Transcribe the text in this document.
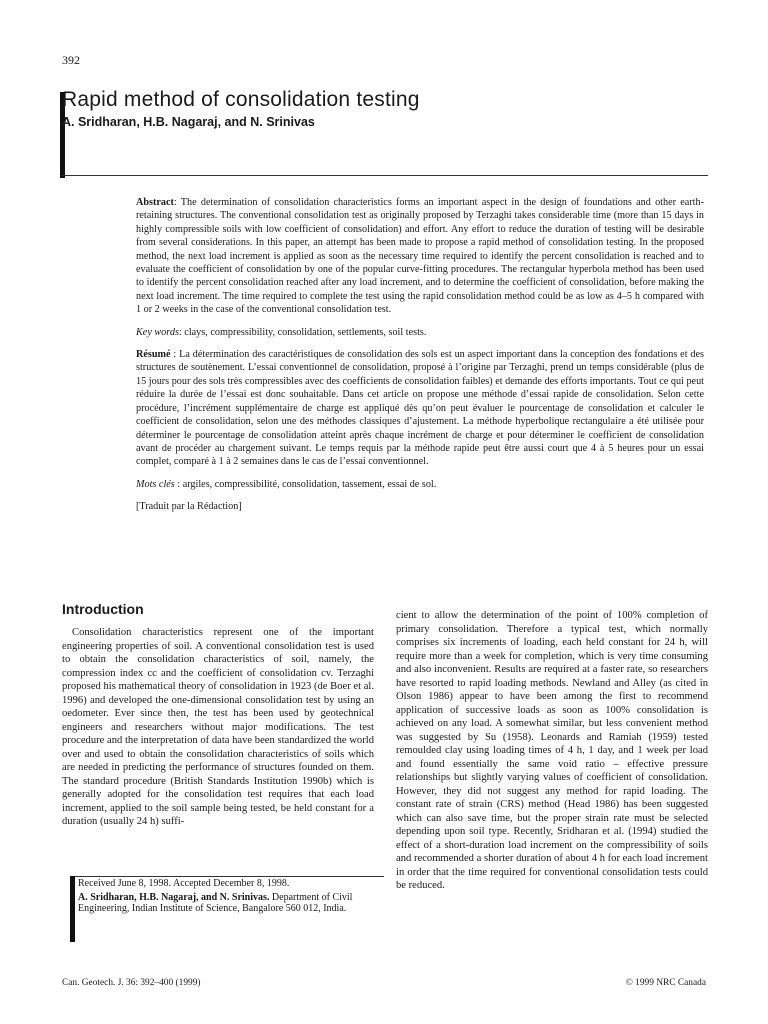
392
Rapid method of consolidation testing
A. Sridharan, H.B. Nagaraj, and N. Srinivas

Abstract: The determination of consolidation characteristics forms an important aspect in the design of foundations and other earth-retaining structures. The conventional consolidation test as originally proposed by Terzaghi takes considerable time (more than 15 days in highly compressible soils with low coefficient of consolidation) and effort. Any effort to reduce the duration of testing will be desirable from several considerations. In this paper, an attempt has been made to propose a rapid method of consolidation testing. In the proposed method, the next load increment is applied as soon as the necessary time required to identify the percent consolidation is reached and to evaluate the coefficient of consolidation by one of the popular curve-fitting procedures. The rectangular hyperbola method has been used to identify the percent consolidation reached after any load increment, and to determine the coefficient of consolidation, before making the next load increment. The time required to complete the test using the rapid consolidation method could be as low as 4–5 h compared with 1 or 2 weeks in the case of the conventional consolidation test.

Key words: clays, compressibility, consolidation, settlements, soil tests.

Résumé : La détermination des caractéristiques de consolidation des sols est un aspect important dans la conception des fondations et des structures de soutènement. L’essai conventionnel de consolidation, proposé à l’origine par Terzaghi, prend un temps considérable (plus de 15 jours pour des sols très compressibles avec des coefficients de consolidation faibles) et demande des efforts importants. Tout ce qui peut réduire la durée de l’essai est donc souhaitable. Dans cet article on propose une méthode d’essai rapide de consolidation. Selon cette procédure, l’incrément supplémentaire de charge est appliqué dès qu’on peut évaluer le pourcentage de consolidation et calculer le coefficient de consolidation, selon une des méthodes classiques d’ajustement. La méthode hyperbolique rectangulaire a été utilisée pour déterminer le pourcentage de consolidation atteint après chaque incrément de charge et pour déterminer le coefficient de consolidation avant de procéder au chargement suivant. Le temps requis par la méthode rapide peut être aussi court que 4 à 5 heures pour un essai complet, comparé à 1 à 2 semaines dans le cas de l’essai conventionnel.

Mots clés : argiles, compressibilité, consolidation, tassement, essai de sol.

[Traduit par la Rédaction]

Introduction
Consolidation characteristics represent one of the important engineering properties of soil. A conventional consolidation test is used to obtain the consolidation characteristics of soil, namely, the compression index cc and the coefficient of consolidation cv. Terzaghi proposed his mathematical theory of consolidation in 1923 (de Boer et al. 1996) and developed the one-dimensional consolidation test by using an oedometer. Ever since then, the test has been used by geotechnical engineers and researchers without major modifications. The test procedure and the interpretation of data have been standardized the world over and used to obtain the consolidation characteristics of soils which are needed in predicting the performance of structures founded on them. The standard procedure (British Standards Institution 1990b) which is generally adopted for the consolidation test requires that each load increment, applied to the soil sample being tested, be held constant for a duration (usually 24 h) suffi-
cient to allow the determination of the point of 100% completion of primary consolidation. Therefore a typical test, which normally comprises six increments of loading, each held constant for 24 h, will require more than a week for completion, which is very time consuming and also inconvenient. Results are required at a faster rate, so researchers have resorted to rapid loading methods. Newland and Alley (as cited in Olson 1986) appear to have been among the first to recommend application of successive loads as soon as 100% consolidation is achieved on any load. A somewhat similar, but less convenient method was suggested by Su (1958). Leonards and Ramiah (1959) tested remoulded clay using loading times of 4 h, 1 day, and 1 week per load and found essentially the same void ratio – effective pressure relationships but slightly varying values of coefficient of consolidation. However, they did not suggest any method for rapid loading. The constant rate of strain (CRS) method (Head 1986) has been suggested which can also save time, but the proper strain rate must be selected depending upon soil type. Recently, Sridharan et al. (1994) studied the effect of a short-duration load increment on the compressibility of soils and recommended a shorter duration of about 4 h for each load increment in order that the time required for conventional consolidation tests could be reduced.
Received June 8, 1998. Accepted December 8, 1998.
A. Sridharan, H.B. Nagaraj, and N. Srinivas. Department of Civil Engineering, Indian Institute of Science, Bangalore 560 012, India.
Can. Geotech. J. 36: 392–400 (1999)	© 1999 NRC Canada
